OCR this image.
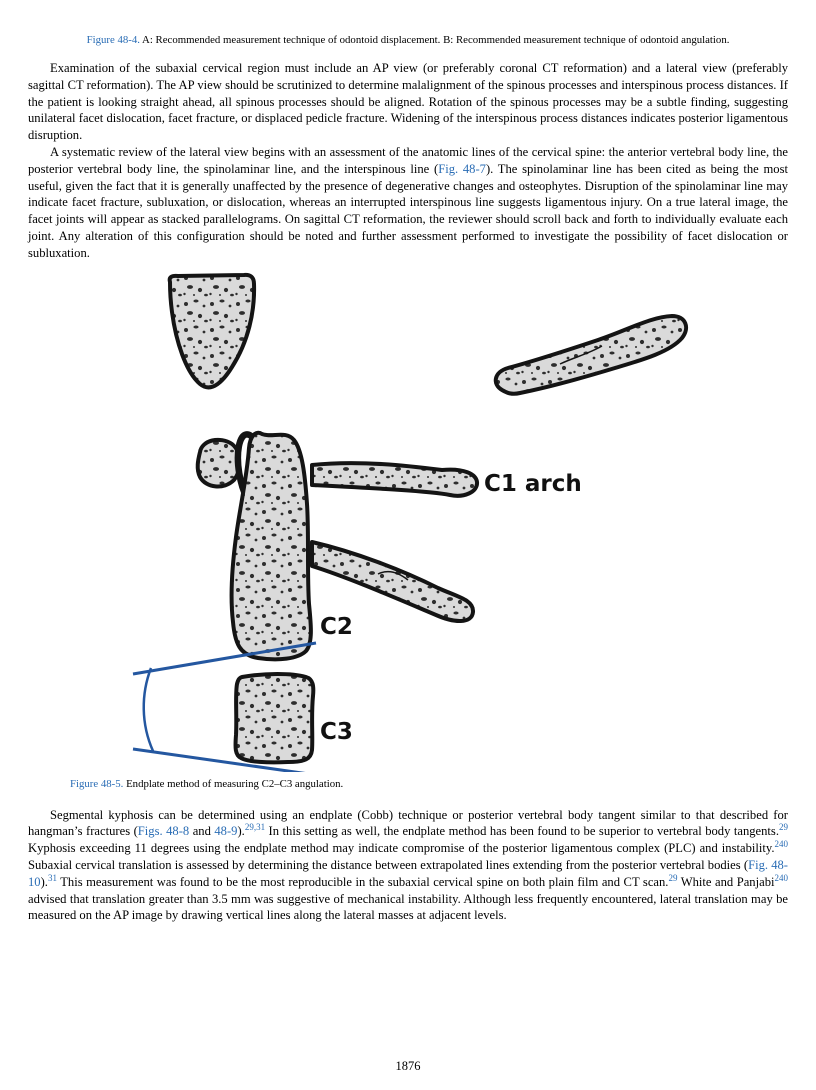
Figure 48-4. A: Recommended measurement technique of odontoid displacement. B: Recommended measurement technique of odontoid angulation.

Examination of the subaxial cervical region must include an AP view (or preferably coronal CT reformation) and a lateral view (preferably sagittal CT reformation). The AP view should be scrutinized to determine malalignment of the spinous processes and interspinous process distances. If the patient is looking straight ahead, all spinous processes should be aligned. Rotation of the spinous processes may be a subtle finding, suggesting unilateral facet dislocation, facet fracture, or displaced pedicle fracture. Widening of the interspinous process distances indicates posterior ligamentous disruption.

A systematic review of the lateral view begins with an assessment of the anatomic lines of the cervical spine: the anterior vertebral body line, the posterior vertebral body line, the spinolaminar line, and the interspinous line (Fig. 48-7). The spinolaminar line has been cited as being the most useful, given the fact that it is generally unaffected by the presence of degenerative changes and osteophytes. Disruption of the spinolaminar line may indicate facet fracture, subluxation, or dislocation, whereas an interrupted interspinous line suggests ligamentous injury. On a true lateral image, the facet joints will appear as stacked parallelograms. On sagittal CT reformation, the reviewer should scroll back and forth to individually evaluate each joint. Any alteration of this configuration should be noted and further assessment performed to investigate the possibility of facet dislocation or subluxation.

C1 arch
C2
C3
Figure 48-5. Endplate method of measuring C2–C3 angulation.

Segmental kyphosis can be determined using an endplate (Cobb) technique or posterior vertebral body tangent similar to that described for hangman’s fractures (Figs. 48-8 and 48-9).$^{29,31}$ In this setting as well, the endplate method has been found to be superior to vertebral body tangents.$^{29}$ Kyphosis exceeding 11 degrees using the endplate method may indicate compromise of the posterior ligamentous complex (PLC) and instability.$^{240}$ Subaxial cervical translation is assessed by determining the distance between extrapolated lines extending from the posterior vertebral bodies (Fig. 48-10).$^{31}$ This measurement was found to be the most reproducible in the subaxial cervical spine on both plain film and CT scan.$^{29}$ White and Panjabi$^{240}$ advised that translation greater than 3.5 mm was suggestive of mechanical instability. Although less frequently encountered, lateral translation may be measured on the AP image by drawing vertical lines along the lateral masses at adjacent levels.

1876
